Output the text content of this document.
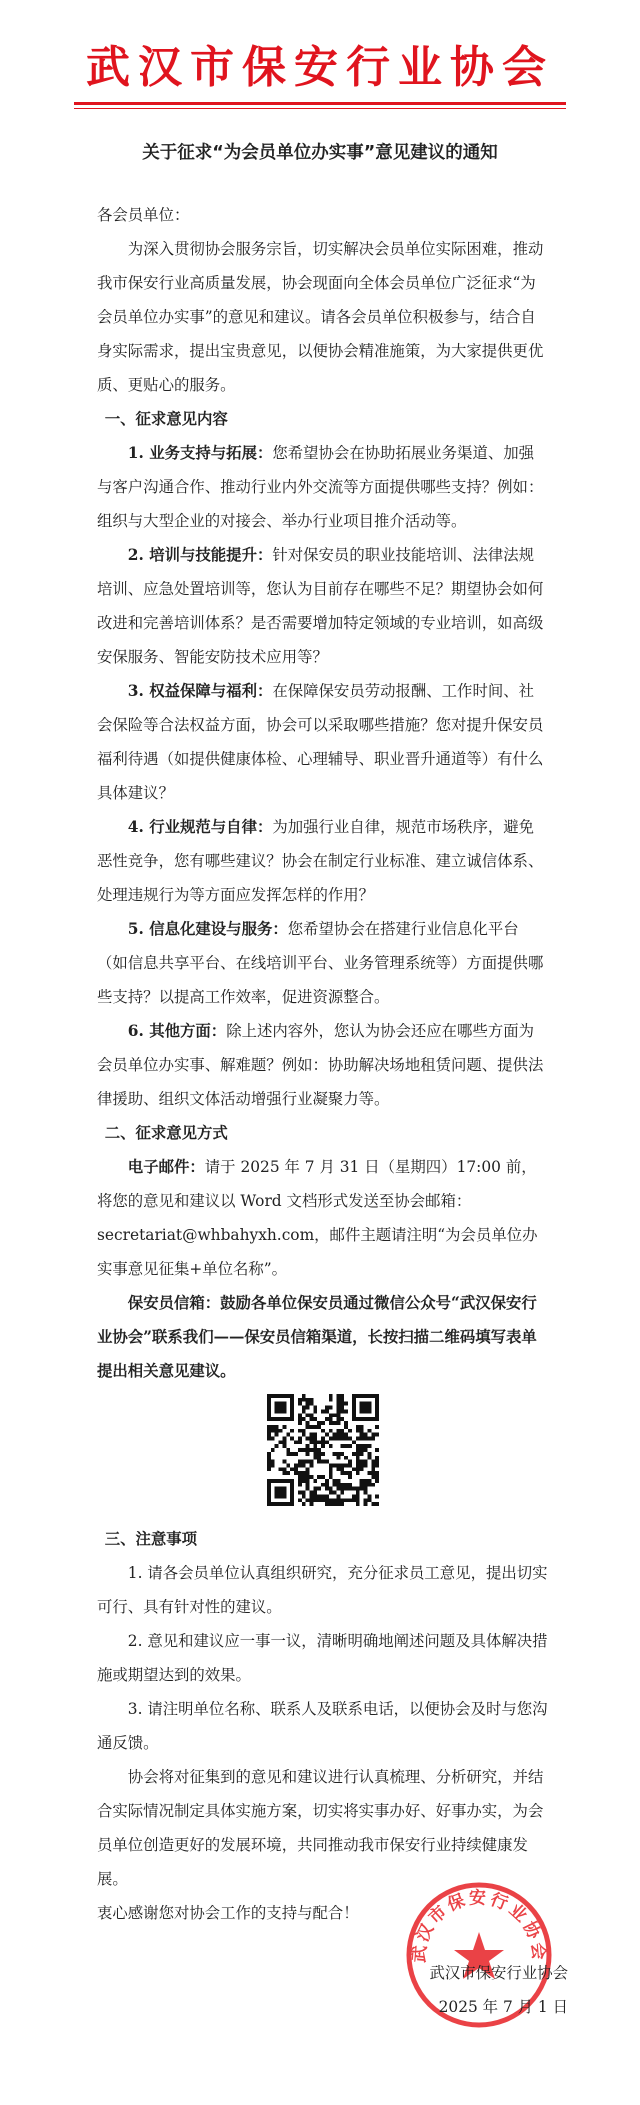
武汉市保安行业协会
关于征求“为会员单位办实事”意见建议的通知

各会员单位：

为深入贯彻协会服务宗旨，切实解决会员单位实际困难，推动我市保安行业高质量发展，协会现面向全体会员单位广泛征求“为会员单位办实事”的意见和建议。请各会员单位积极参与，结合自身实际需求，提出宝贵意见，以便协会精准施策，为大家提供更优质、更贴心的服务。

一、征求意见内容

1. 业务支持与拓展：您希望协会在协助拓展业务渠道、加强与客户沟通合作、推动行业内外交流等方面提供哪些支持？例如：组织与大型企业的对接会、举办行业项目推介活动等。

2. 培训与技能提升：针对保安员的职业技能培训、法律法规培训、应急处置培训等，您认为目前存在哪些不足？期望协会如何改进和完善培训体系？是否需要增加特定领域的专业培训，如高级安保服务、智能安防技术应用等？

3. 权益保障与福利：在保障保安员劳动报酬、工作时间、社会保险等合法权益方面，协会可以采取哪些措施？您对提升保安员福利待遇（如提供健康体检、心理辅导、职业晋升通道等）有什么具体建议？

4. 行业规范与自律：为加强行业自律，规范市场秩序，避免恶性竞争，您有哪些建议？协会在制定行业标准、建立诚信体系、处理违规行为等方面应发挥怎样的作用？

5. 信息化建设与服务：您希望协会在搭建行业信息化平台（如信息共享平台、在线培训平台、业务管理系统等）方面提供哪些支持？以提高工作效率，促进资源整合。

6. 其他方面：除上述内容外，您认为协会还应在哪些方面为会员单位办实事、解难题？例如：协助解决场地租赁问题、提供法律援助、组织文体活动增强行业凝聚力等。

二、征求意见方式

电子邮件：请于 2025 年 7 月 31 日（星期四）17:00 前，将您的意见和建议以 Word 文档形式发送至协会邮箱：secretariat@whbahyxh.com，邮件主题请注明“为会员单位办实事意见征集+单位名称”。

保安员信箱：鼓励各单位保安员通过微信公众号“武汉保安行业协会”联系我们——保安员信箱渠道，长按扫描二维码填写表单提出相关意见建议。

三、注意事项

1. 请各会员单位认真组织研究，充分征求员工意见，提出切实可行、具有针对性的建议。

2. 意见和建议应一事一议，清晰明确地阐述问题及具体解决措施或期望达到的效果。

3. 请注明单位名称、联系人及联系电话，以便协会及时与您沟通反馈。

协会将对征集到的意见和建议进行认真梳理、分析研究，并结合实际情况制定具体实施方案，切实将实事办好、好事办实，为会员单位创造更好的发展环境，共同推动我市保安行业持续健康发展。

衷心感谢您对协会工作的支持与配合！

武汉市保安行业协会
武汉市保安行业协会
2025 年 7 月 1 日
